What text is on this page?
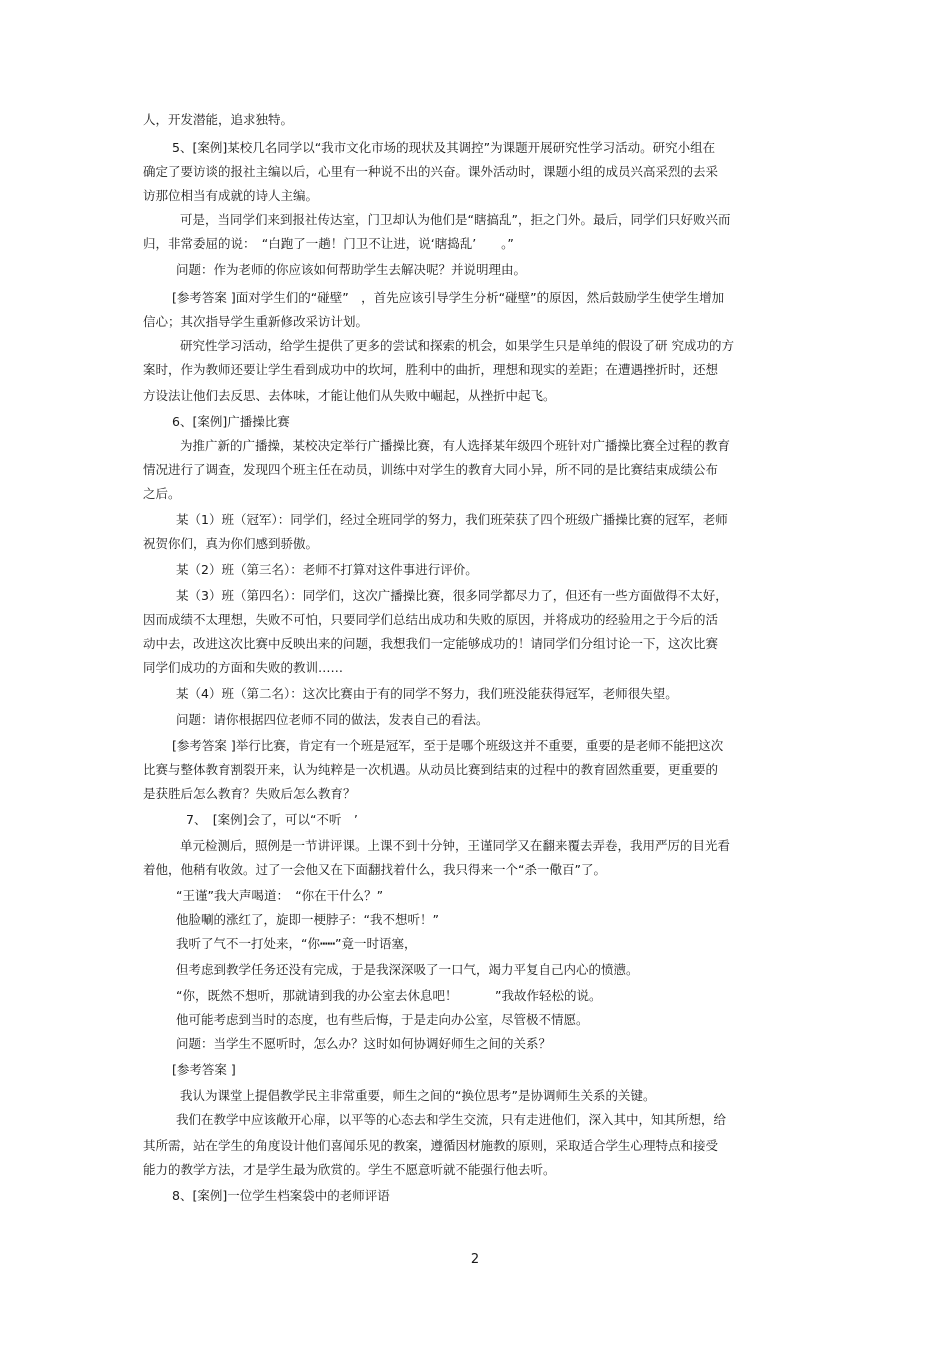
人，开发潜能，追求独特。
5、[案例]某校几名同学以“我市文化市场的现状及其调控”为课题开展研究性学习活动。研究小组在
确定了要访谈的报社主编以后，心里有一种说不出的兴奋。课外活动时，课题小组的成员兴高采烈的去采
访那位相当有成就的诗人主编。
可是，当同学们来到报社传达室，门卫却认为他们是“瞎搞乱”，拒之门外。最后，同学们只好败兴而
归，非常委屈的说：　“白跑了一趟！门卫不让进，说‘瞎捣乱’　　。”
问题：作为老师的你应该如何帮助学生去解决呢？并说明理由。
[参考答案 ]面对学生们的“碰壁”　，首先应该引导学生分析“碰壁”的原因，然后鼓励学生使学生增加
信心；其次指导学生重新修改采访计划。
研究性学习活动，给学生提供了更多的尝试和探索的机会，如果学生只是单纯的假设了研 究成功的方
案时，作为教师还要让学生看到成功中的坎坷，胜利中的曲折，理想和现实的差距；在遭遇挫折时，还想
方设法让他们去反思、去体味，才能让他们从失败中崛起，从挫折中起飞。
6、[案例]广播操比赛
为推广新的广播操，某校决定举行广播操比赛，有人选择某年级四个班针对广播操比赛全过程的教育
情况进行了调查，发现四个班主任在动员，训练中对学生的教育大同小异，所不同的是比赛结束成绩公布
之后。
某（1）班（冠军）：同学们，经过全班同学的努力，我们班荣获了四个班级广播操比赛的冠军，老师
祝贺你们，真为你们感到骄傲。
某（2）班（第三名）：老师不打算对这件事进行评价。
某（3）班（第四名）：同学们，这次广播操比赛，很多同学都尽力了，但还有一些方面做得不太好，
因而成绩不太理想，失败不可怕，只要同学们总结出成功和失败的原因，并将成功的经验用之于今后的活
动中去，改进这次比赛中反映出来的问题，我想我们一定能够成功的！请同学们分组讨论一下，这次比赛
同学们成功的方面和失败的教训……
某（4）班（第二名）：这次比赛由于有的同学不努力，我们班没能获得冠军，老师很失望。
问题：请你根据四位老师不同的做法，发表自己的看法。
[参考答案 ]举行比赛，肯定有一个班是冠军，至于是哪个班级这并不重要，重要的是老师不能把这次
比赛与整体教育割裂开来，认为纯粹是一次机遇。从动员比赛到结束的过程中的教育固然重要，更重要的
是获胜后怎么教育？失败后怎么教育？
7、　[案例]会了，可以“不听　’
单元检测后，照例是一节讲评课。上课不到十分钟，王谨同学又在翻来覆去弄卷，我用严厉的目光看
着他，他稍有收敛。过了一会他又在下面翻找着什么，我只得来一个“杀一儆百”了。
“王谨”我大声喝道：　“你在干什么？”
他脸唰的涨红了，旋即一梗脖子：“我不想听！”
我听了气不一打处来，“你┅┅”竟一时语塞，
但考虑到教学任务还没有完成，于是我深深吸了一口气，竭力平复自己内心的愤懑。
“你，既然不想听，那就请到我的办公室去休息吧！　　　”我故作轻松的说。
他可能考虑到当时的态度，也有些后悔，于是走向办公室，尽管极不情愿。
问题：当学生不愿听时，怎么办？这时如何协调好师生之间的关系？
[参考答案 ]
我认为课堂上提倡教学民主非常重要，师生之间的“换位思考”是协调师生关系的关键。
我们在教学中应该敞开心扉，以平等的心态去和学生交流，只有走进他们，深入其中，知其所想，给
其所需，站在学生的角度设计他们喜闻乐见的教案，遵循因材施教的原则，采取适合学生心理特点和接受
能力的教学方法，才是学生最为欣赏的。学生不愿意听就不能强行他去听。
8、[案例]一位学生档案袋中的老师评语
2
